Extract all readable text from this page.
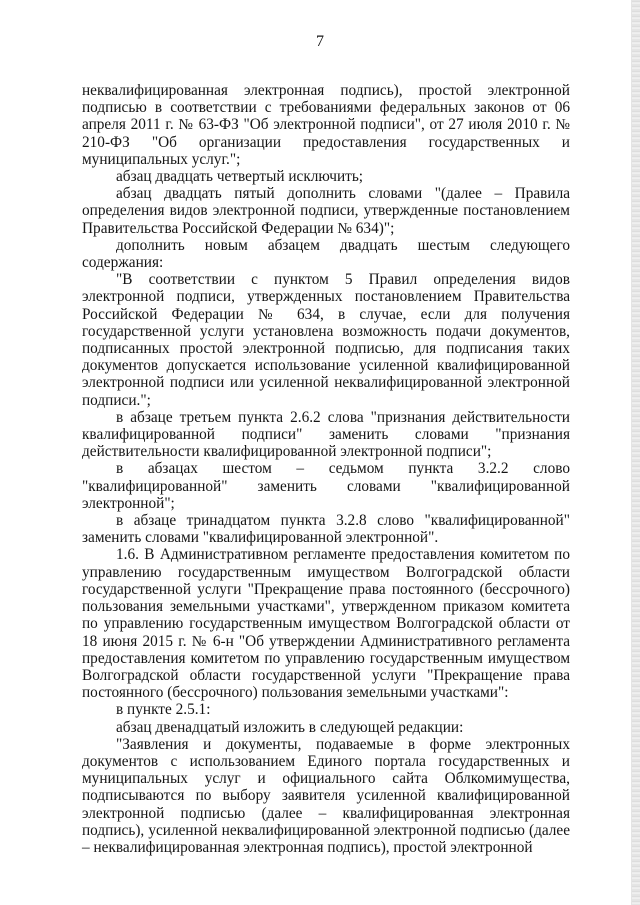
7

неквалифицированная электронная подпись), простой электронной подписью в соответствии с требованиями федеральных законов от 06 апреля 2011 г. № 63-ФЗ "Об электронной подписи", от 27 июля 2010 г. № 210-ФЗ "Об организации предоставления государственных и муниципальных услуг.";

абзац двадцать четвертый исключить;

абзац двадцать пятый дополнить словами "(далее – Правила определения видов электронной подписи, утвержденные постановлением Правительства Российской Федерации № 634)";

дополнить новым абзацем двадцать шестым следующего содержания:

"В соответствии с пунктом 5 Правил определения видов электронной подписи, утвержденных постановлением Правительства Российской Федерации № 634, в случае, если для получения государственной услуги установлена возможность подачи документов, подписанных простой электронной подписью, для подписания таких документов допускается использование усиленной квалифицированной электронной подписи или усиленной неквалифицированной электронной подписи.";

в абзаце третьем пункта 2.6.2 слова "признания действительности квалифицированной подписи" заменить словами "признания действительности квалифицированной электронной подписи";

в абзацах шестом – седьмом пункта 3.2.2 слово "квалифицированной" заменить словами "квалифицированной электронной";

в абзаце тринадцатом пункта 3.2.8 слово "квалифицированной" заменить словами "квалифицированной электронной".

1.6. В Административном регламенте предоставления комитетом по управлению государственным имуществом Волгоградской области государственной услуги "Прекращение права постоянного (бессрочного) пользования земельными участками", утвержденном приказом комитета по управлению государственным имуществом Волгоградской области от 18 июня 2015 г. № 6-н "Об утверждении Административного регламента предоставления комитетом по управлению государственным имуществом Волгоградской области государственной услуги "Прекращение права постоянного (бессрочного) пользования земельными участками":

в пункте 2.5.1:

абзац двенадцатый изложить в следующей редакции:

"Заявления и документы, подаваемые в форме электронных документов с использованием Единого портала государственных и муниципальных услуг и официального сайта Облкомимущества, подписываются по выбору заявителя усиленной квалифицированной электронной подписью (далее – квалифицированная электронная подпись), усиленной неквалифицированной электронной подписью (далее – неквалифицированная электронная подпись), простой электронной
